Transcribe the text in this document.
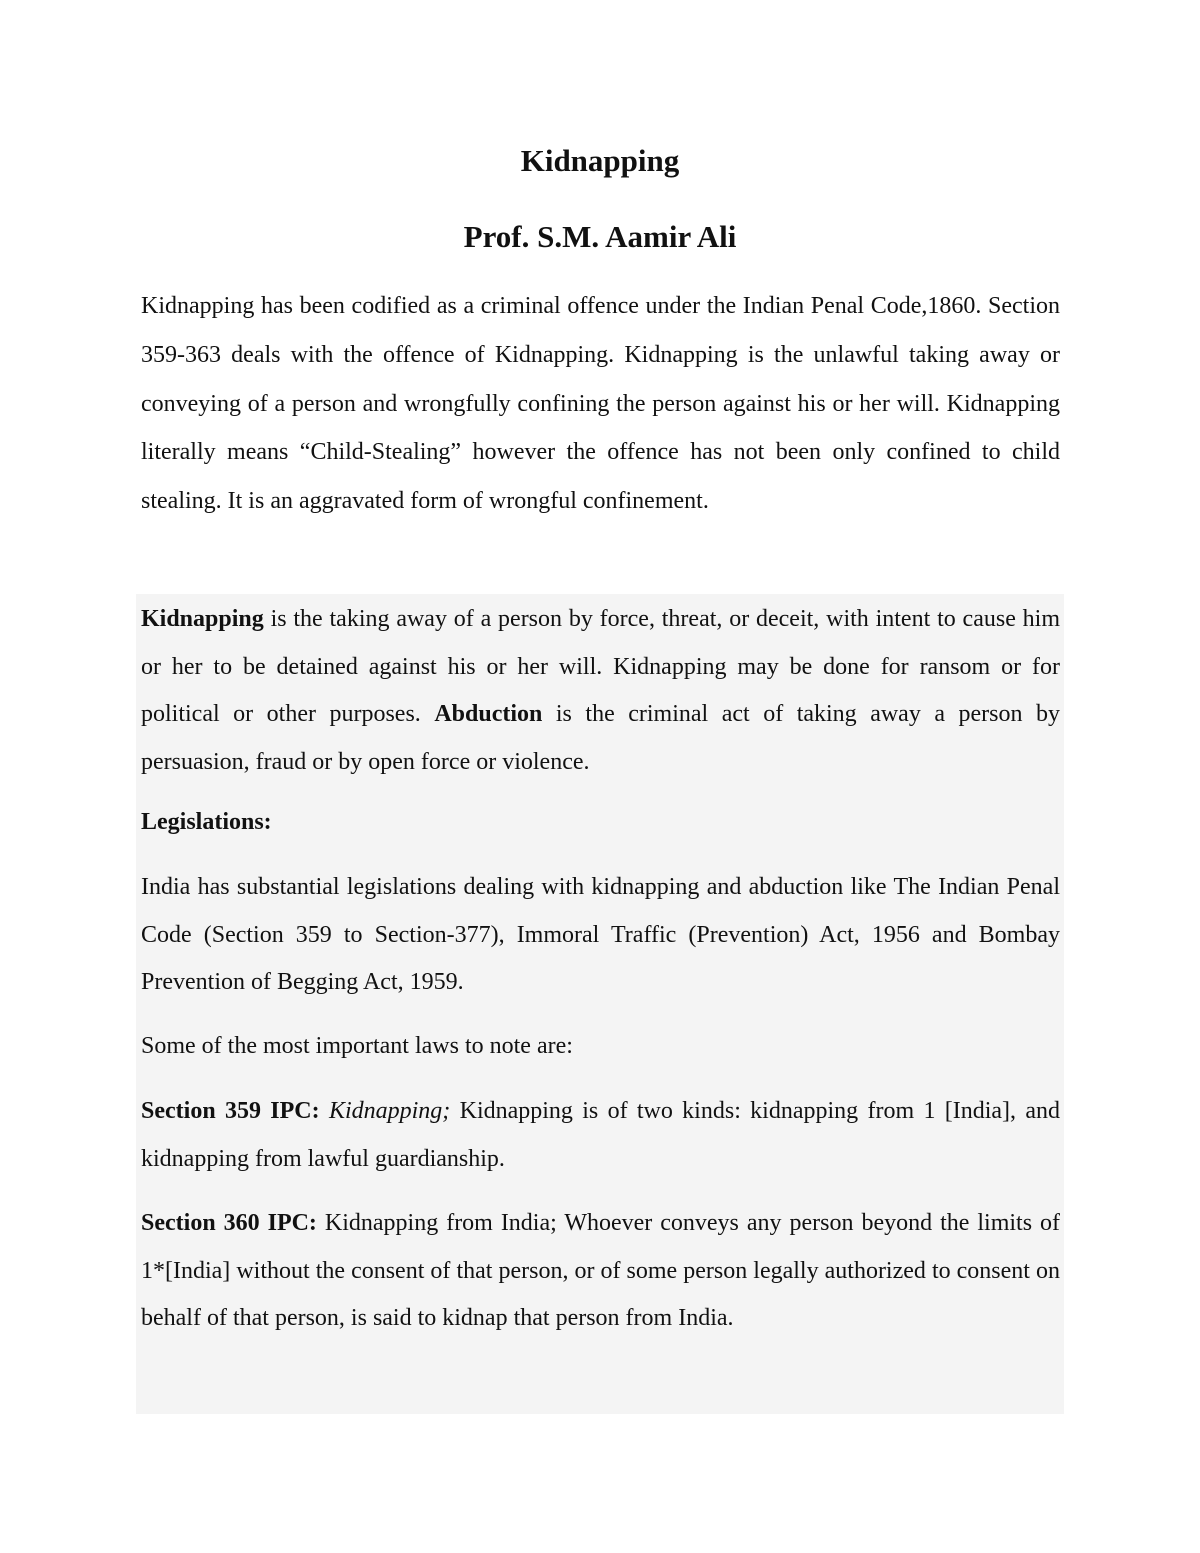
Kidnapping
Prof. S.M. Aamir Ali

Kidnapping has been codified as a criminal offence under the Indian Penal Code,1860. Section 359-363 deals with the offence of Kidnapping. Kidnapping is the unlawful taking away or conveying of a person and wrongfully confining the person against his or her will. Kidnapping literally means “Child-Stealing” however the offence has not been only confined to child stealing. It is an aggravated form of wrongful confinement.

Kidnapping is the taking away of a person by force, threat, or deceit, with intent to cause him or her to be detained against his or her will. Kidnapping may be done for ransom or for political or other purposes. Abduction is the criminal act of taking away a person by persuasion, fraud or by open force or violence.

Legislations:

India has substantial legislations dealing with kidnapping and abduction like The Indian Penal Code (Section 359 to Section-377), Immoral Traffic (Prevention) Act, 1956 and Bombay Prevention of Begging Act, 1959.

Some of the most important laws to note are:

Section 359 IPC: Kidnapping; Kidnapping is of two kinds: kidnapping from 1 [India], and kidnapping from lawful guardianship.

Section 360 IPC: Kidnapping from India; Whoever conveys any person beyond the limits of 1*[India] without the consent of that person, or of some person legally authorized to consent on behalf of that person, is said to kidnap that person from India.
